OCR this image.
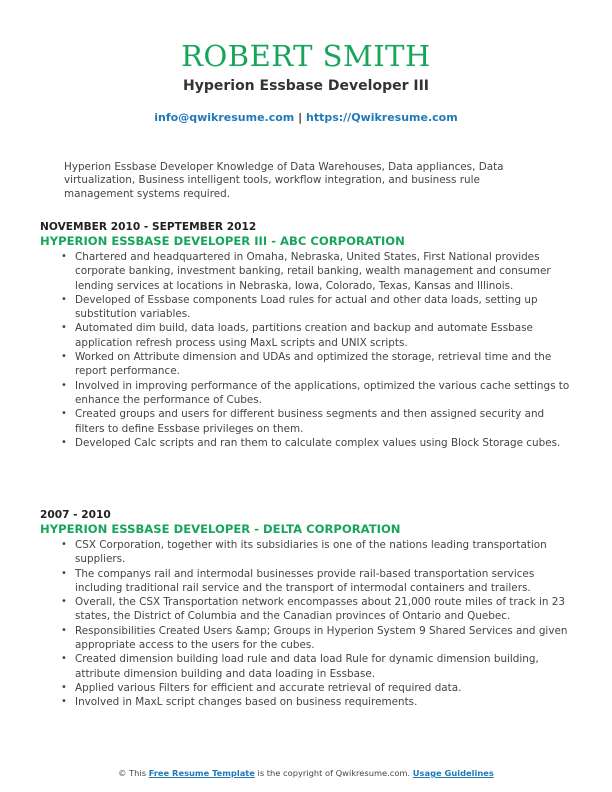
ROBERT SMITH
Hyperion Essbase Developer III
info@qwikresume.com | https://Qwikresume.com
Hyperion Essbase Developer Knowledge of Data Warehouses, Data appliances, Data virtualization, Business intelligent tools, workflow integration, and business rule management systems required.
NOVEMBER 2010 - SEPTEMBER 2012
HYPERION ESSBASE DEVELOPER III - ABC CORPORATION
• Chartered and headquartered in Omaha, Nebraska, United States, First National provides corporate banking, investment banking, retail banking, wealth management and consumer lending services at locations in Nebraska, Iowa, Colorado, Texas, Kansas and Illinois.
• Developed of Essbase components Load rules for actual and other data loads, setting up substitution variables.
• Automated dim build, data loads, partitions creation and backup and automate Essbase application refresh process using MaxL scripts and UNIX scripts.
• Worked on Attribute dimension and UDAs and optimized the storage, retrieval time and the report performance.
• Involved in improving performance of the applications, optimized the various cache settings to enhance the performance of Cubes.
• Created groups and users for different business segments and then assigned security and filters to define Essbase privileges on them.
• Developed Calc scripts and ran them to calculate complex values using Block Storage cubes.
2007 - 2010
HYPERION ESSBASE DEVELOPER - DELTA CORPORATION
• CSX Corporation, together with its subsidiaries is one of the nations leading transportation suppliers.
• The companys rail and intermodal businesses provide rail-based transportation services including traditional rail service and the transport of intermodal containers and trailers.
• Overall, the CSX Transportation network encompasses about 21,000 route miles of track in 23 states, the District of Columbia and the Canadian provinces of Ontario and Quebec.
• Responsibilities Created Users &amp; Groups in Hyperion System 9 Shared Services and given appropriate access to the users for the cubes.
• Created dimension building load rule and data load Rule for dynamic dimension building, attribute dimension building and data loading in Essbase.
• Applied various Filters for efficient and accurate retrieval of required data.
• Involved in MaxL script changes based on business requirements.
© This Free Resume Template is the copyright of Qwikresume.com. Usage Guidelines
